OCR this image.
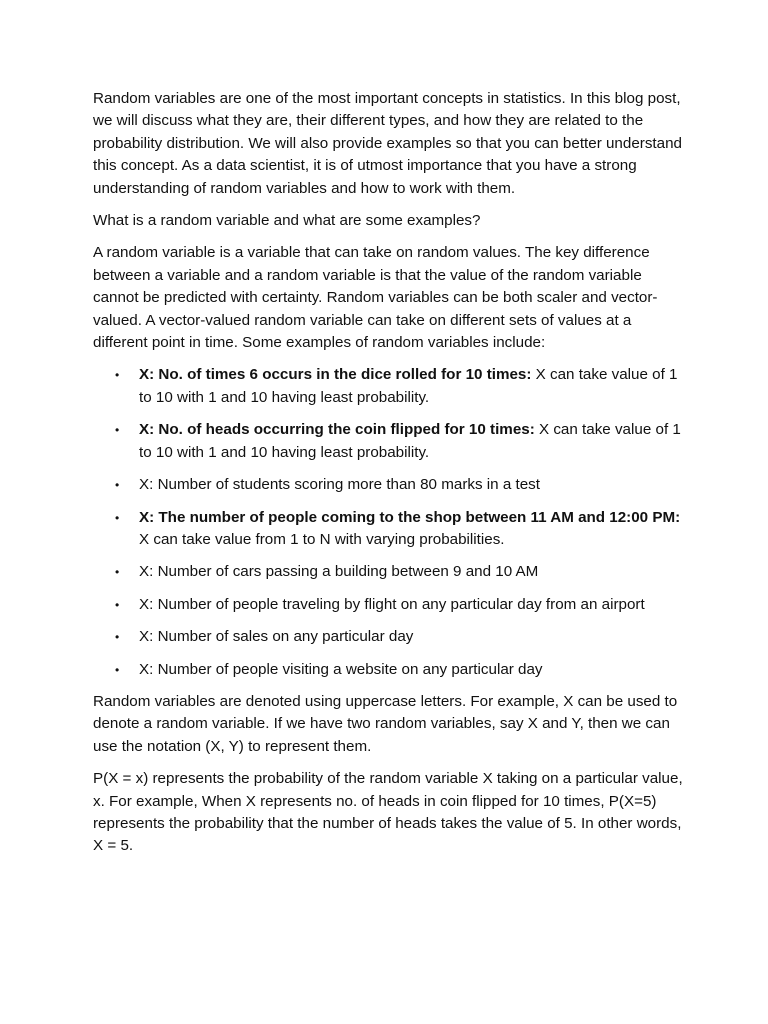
Random variables are one of the most important concepts in statistics. In this blog post, we will discuss what they are, their different types, and how they are related to the probability distribution. We will also provide examples so that you can better understand this concept. As a data scientist, it is of utmost importance that you have a strong understanding of random variables and how to work with them.

What is a random variable and what are some examples?

A random variable is a variable that can take on random values. The key difference between a variable and a random variable is that the value of the random variable cannot be predicted with certainty. Random variables can be both scaler and vector-valued. A vector-valued random variable can take on different sets of values at a different point in time. Some examples of random variables include:

• X: No. of times 6 occurs in the dice rolled for 10 times: X can take value of 1 to 10 with 1 and 10 having least probability.
• X: No. of heads occurring the coin flipped for 10 times: X can take value of 1 to 10 with 1 and 10 having least probability.
• X: Number of students scoring more than 80 marks in a test
• X: The number of people coming to the shop between 11 AM and 12:00 PM: X can take value from 1 to N with varying probabilities.
• X: Number of cars passing a building between 9 and 10 AM
• X: Number of people traveling by flight on any particular day from an airport
• X: Number of sales on any particular day
• X: Number of people visiting a website on any particular day

Random variables are denoted using uppercase letters. For example, X can be used to denote a random variable. If we have two random variables, say X and Y, then we can use the notation (X, Y) to represent them.

P(X = x) represents the probability of the random variable X taking on a particular value, x. For example, When X represents no. of heads in coin flipped for 10 times, P(X=5) represents the probability that the number of heads takes the value of 5. In other words, X = 5.
